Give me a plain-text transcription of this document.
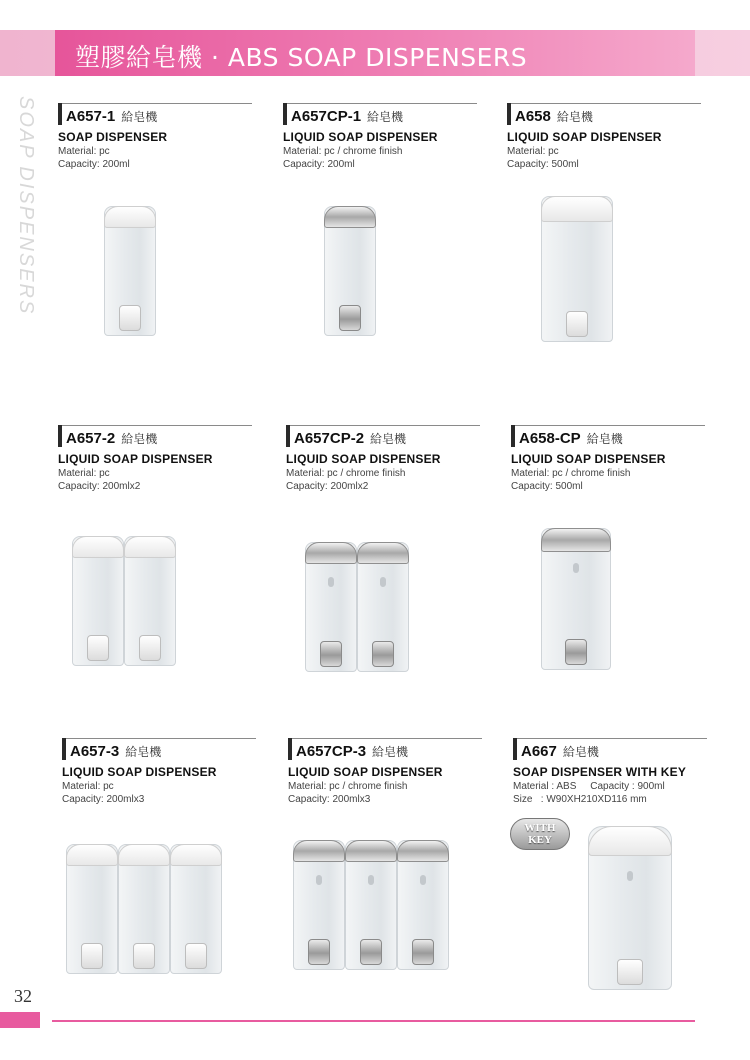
塑膠給皂機 · ABS SOAP DISPENSERS
SOAP DISPENSERS A657-1 給皂機
SOAP DISPENSER
Material: pc
Capacity: 200ml
A657CP-1 給皂機
LIQUID SOAP DISPENSER
Material: pc / chrome finish
Capacity: 200ml
A658 給皂機
LIQUID SOAP DISPENSER
Material: pc
Capacity: 500ml
A657-2 給皂機
LIQUID SOAP DISPENSER
Material: pc
Capacity: 200mlx2
A657CP-2 給皂機
LIQUID SOAP DISPENSER
Material: pc / chrome finish
Capacity: 200mlx2
A658-CP 給皂機
LIQUID SOAP DISPENSER
Material: pc / chrome finish
Capacity: 500ml
A657-3 給皂機
LIQUID SOAP DISPENSER
Material: pc
Capacity: 200mlx3
A657CP-3 給皂機
LIQUID SOAP DISPENSER
Material: pc / chrome finish
Capacity: 200mlx3
A667 給皂機
SOAP DISPENSER WITH KEY
Material : ABS     Capacity : 900ml
Size   : W90XH210XD116 mm
WITH
KEY
32
